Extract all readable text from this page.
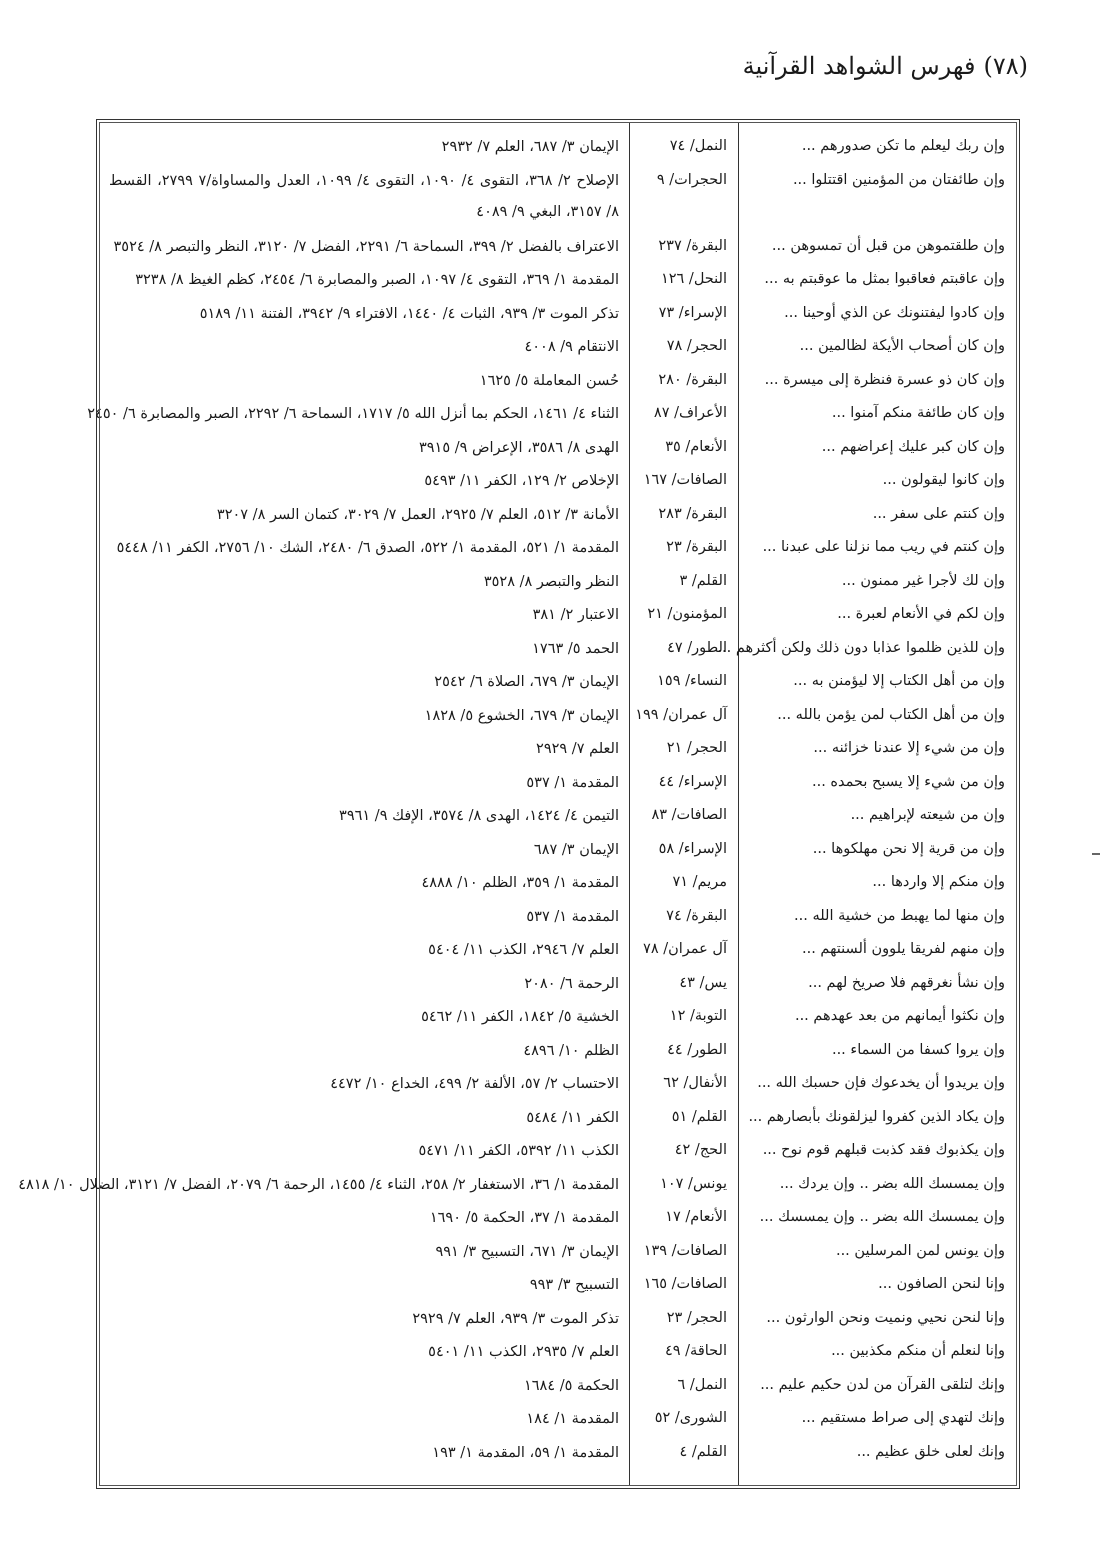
(٧٨)فهرس الشواهد القرآنية
وإن ربك ليعلم ما تكن صدورهم ...
النمل/ ٧٤
الإيمان ٣/ ٦٨٧، العلم ٧/ ٢٩٣٢
وإن طائفتان من المؤمنين اقتتلوا ...
الحجرات/ ٩
الإصلاح ٢/ ٣٦٨، التقوى ٤/ ١٠٩٠، التقوى ٤/ ١٠٩٩، العدل والمساواة/٧ ٢٧٩٩، القسط ٨/ ٣١٥٧، البغي ٩/ ٤٠٨٩
وإن طلقتموهن من قبل أن تمسوهن ...
البقرة/ ٢٣٧
الاعتراف بالفضل ٢/ ٣٩٩، السماحة ٦/ ٢٢٩١، الفضل ٧/ ٣١٢٠، النظر والتبصر ٨/ ٣٥٢٤
وإن عاقبتم فعاقبوا بمثل ما عوقبتم به ...
النحل/ ١٢٦
المقدمة ١/ ٣٦٩، التقوى ٤/ ١٠٩٧، الصبر والمصابرة ٦/ ٢٤٥٤، كظم الغيظ ٨/ ٣٢٣٨
وإن كادوا ليفتنونك عن الذي أوحينا ...
الإسراء/ ٧٣
تذكر الموت ٣/ ٩٣٩، الثبات ٤/ ١٤٤٠، الافتراء ٩/ ٣٩٤٢، الفتنة ١١/ ٥١٨٩
وإن كان أصحاب الأيكة لظالمين ...
الحجر/ ٧٨
الانتقام ٩/ ٤٠٠٨
وإن كان ذو عسرة فنظرة إلى ميسرة ...
البقرة/ ٢٨٠
حُسن المعاملة ٥/ ١٦٢٥
وإن كان طائفة منكم آمنوا ...
الأعراف/ ٨٧
الثناء ٤/ ١٤٦١، الحكم بما أنزل الله ٥/ ١٧١٧، السماحة ٦/ ٢٢٩٢، الصبر والمصابرة ٦/ ٢٤٥٠
وإن كان كبر عليك إعراضهم ...
الأنعام/ ٣٥
الهدى ٨/ ٣٥٨٦، الإعراض ٩/ ٣٩١٥
وإن كانوا ليقولون ...
الصافات/ ١٦٧
الإخلاص ٢/ ١٢٩، الكفر ١١/ ٥٤٩٣
وإن كنتم على سفر ...
البقرة/ ٢٨٣
الأمانة ٣/ ٥١٢، العلم ٧/ ٢٩٢٥، العمل ٧/ ٣٠٢٩، كتمان السر ٨/ ٣٢٠٧
وإن كنتم في ريب مما نزلنا على عبدنا ...
البقرة/ ٢٣
المقدمة ١/ ٥٢١، المقدمة ١/ ٥٢٢، الصدق ٦/ ٢٤٨٠، الشك ١٠/ ٢٧٥٦، الكفر ١١/ ٥٤٤٨
وإن لك لأجرا غير ممنون ...
القلم/ ٣
النظر والتبصر ٨/ ٣٥٢٨
وإن لكم في الأنعام لعبرة ...
المؤمنون/ ٢١
الاعتبار ٢/ ٣٨١
وإن للذين ظلموا عذابا دون ذلك ولكن أكثرهم ...
الطور/ ٤٧
الحمد ٥/ ١٧٦٣
وإن من أهل الكتاب إلا ليؤمنن به ...
النساء/ ١٥٩
الإيمان ٣/ ٦٧٩، الصلاة ٦/ ٢٥٤٢
وإن من أهل الكتاب لمن يؤمن بالله ...
آل عمران/ ١٩٩
الإيمان ٣/ ٦٧٩، الخشوع ٥/ ١٨٢٨
وإن من شيء إلا عندنا خزائنه ...
الحجر/ ٢١
العلم ٧/ ٢٩٢٩
وإن من شيء إلا يسبح بحمده ...
الإسراء/ ٤٤
المقدمة ١/ ٥٣٧
وإن من شيعته لإبراهيم ...
الصافات/ ٨٣
التيمن ٤/ ١٤٢٤، الهدى ٨/ ٣٥٧٤، الإفك ٩/ ٣٩٦١
وإن من قرية إلا نحن مهلكوها ...
الإسراء/ ٥٨
الإيمان ٣/ ٦٨٧
وإن منكم إلا واردها ...
مريم/ ٧١
المقدمة ١/ ٣٥٩، الظلم ١٠/ ٤٨٨٨
وإن منها لما يهبط من خشية الله ...
البقرة/ ٧٤
المقدمة ١/ ٥٣٧
وإن منهم لفريقا يلوون ألسنتهم ...
آل عمران/ ٧٨
العلم ٧/ ٢٩٤٦، الكذب ١١/ ٥٤٠٤
وإن نشأ نغرقهم فلا صريخ لهم ...
يس/ ٤٣
الرحمة ٦/ ٢٠٨٠
وإن نكثوا أيمانهم من بعد عهدهم ...
التوبة/ ١٢
الخشية ٥/ ١٨٤٢، الكفر ١١/ ٥٤٦٢
وإن يروا كسفا من السماء ...
الطور/ ٤٤
الظلم ١٠/ ٤٨٩٦
وإن يريدوا أن يخدعوك فإن حسبك الله ...
الأنفال/ ٦٢
الاحتساب ٢/ ٥٧، الألفة ٢/ ٤٩٩، الخداع ١٠/ ٤٤٧٢
وإن يكاد الذين كفروا ليزلقونك بأبصارهم ...
القلم/ ٥١
الكفر ١١/ ٥٤٨٤
وإن يكذبوك فقد كذبت قبلهم قوم نوح ...
الحج/ ٤٢
الكذب ١١/ ٥٣٩٢، الكفر ١١/ ٥٤٧١
وإن يمسسك الله بضر .. وإن يردك ...
يونس/ ١٠٧
المقدمة ١/ ٣٦، الاستغفار ٢/ ٢٥٨، الثناء ٤/ ١٤٥٥، الرحمة ٦/ ٢٠٧٩، الفضل ٧/ ٣١٢١، الضلال ١٠/ ٤٨١٨
وإن يمسسك الله بضر .. وإن يمسسك ...
الأنعام/ ١٧
المقدمة ١/ ٣٧، الحكمة ٥/ ١٦٩٠
وإن يونس لمن المرسلين ...
الصافات/ ١٣٩
الإيمان ٣/ ٦٧١، التسبيح ٣/ ٩٩١
وإنا لنحن الصافون ...
الصافات/ ١٦٥
التسبيح ٣/ ٩٩٣
وإنا لنحن نحيي ونميت ونحن الوارثون ...
الحجر/ ٢٣
تذكر الموت ٣/ ٩٣٩، العلم ٧/ ٢٩٢٩
وإنا لنعلم أن منكم مكذبين ...
الحاقة/ ٤٩
العلم ٧/ ٢٩٣٥، الكذب ١١/ ٥٤٠١
وإنك لتلقى القرآن من لدن حكيم عليم ...
النمل/ ٦
الحكمة ٥/ ١٦٨٤
وإنك لتهدي إلى صراط مستقيم ...
الشورى/ ٥٢
المقدمة ١/ ١٨٤
وإنك لعلى خلق عظيم ...
القلم/ ٤
المقدمة ١/ ٥٩، المقدمة ١/ ١٩٣
